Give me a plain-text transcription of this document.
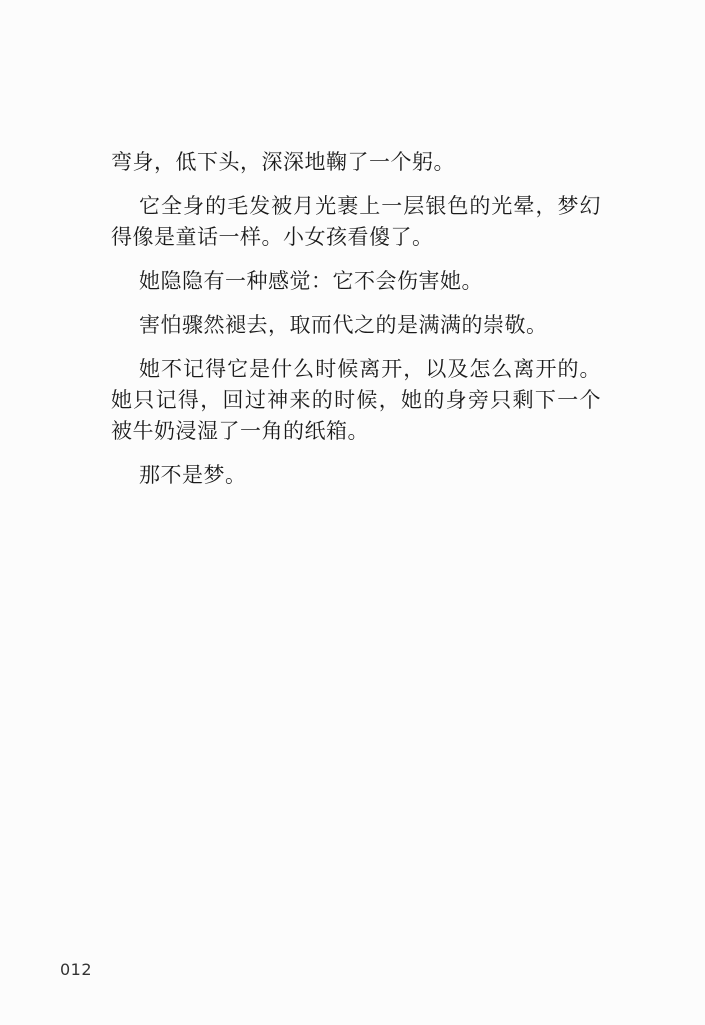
弯身，低下头，深深地鞠了一个躬。

它全身的毛发被月光裹上一层银色的光晕，梦幻得像是童话一样。小女孩看傻了。

她隐隐有一种感觉：它不会伤害她。

害怕骤然褪去，取而代之的是满满的崇敬。

她不记得它是什么时候离开，以及怎么离开的。她只记得，回过神来的时候，她的身旁只剩下一个被牛奶浸湿了一角的纸箱。

那不是梦。

012
